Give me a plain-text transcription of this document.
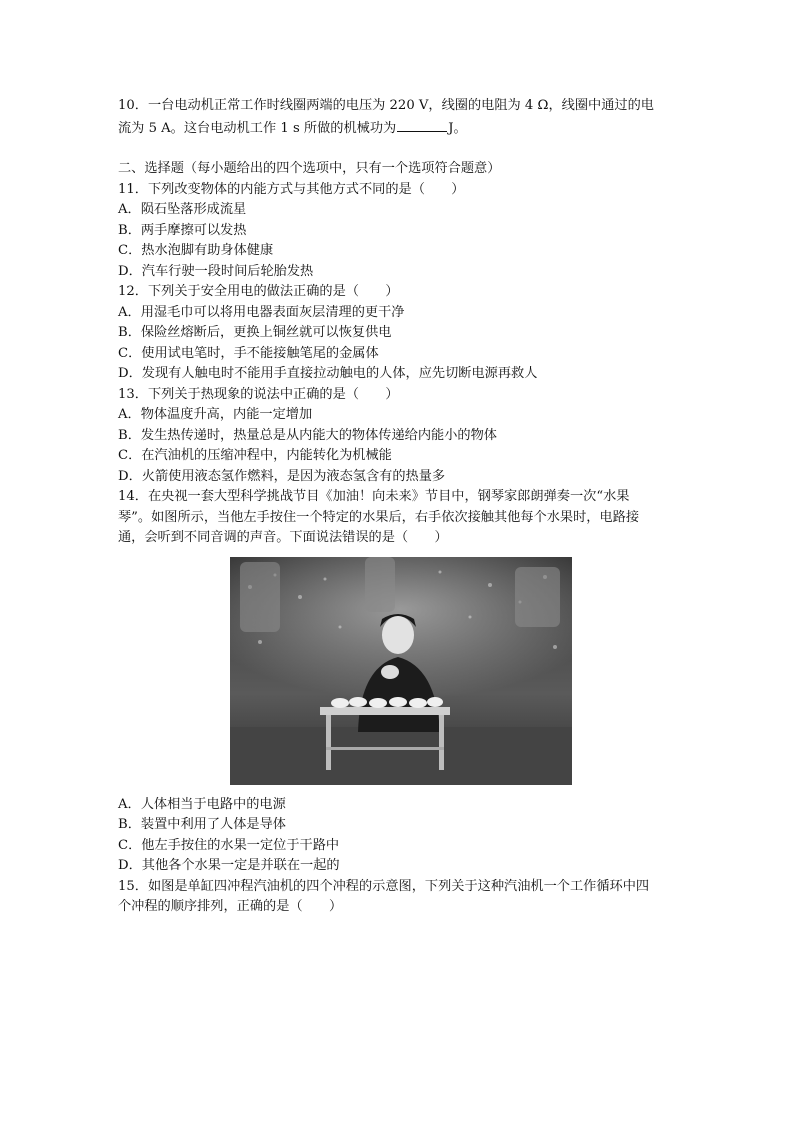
10．一台电动机正常工作时线圈两端的电压为 220 V，线圈的电阻为 4 Ω，线圈中通过的电
流为 5 A。这台电动机工作 1 s 所做的机械功为	J。
二、选择题（每小题给出的四个选项中，只有一个选项符合题意）
11．下列改变物体的内能方式与其他方式不同的是（　　）
A．陨石坠落形成流星
B．两手摩擦可以发热
C．热水泡脚有助身体健康
D．汽车行驶一段时间后轮胎发热
12．下列关于安全用电的做法正确的是（　　）
A．用湿毛巾可以将用电器表面灰层清理的更干净
B．保险丝熔断后，更换上铜丝就可以恢复供电
C．使用试电笔时，手不能接触笔尾的金属体
D．发现有人触电时不能用手直接拉动触电的人体，应先切断电源再救人
13．下列关于热现象的说法中正确的是（　　）
A．物体温度升高，内能一定增加
B．发生热传递时，热量总是从内能大的物体传递给内能小的物体
C．在汽油机的压缩冲程中，内能转化为机械能
D．火箭使用液态氢作燃料，是因为液态氢含有的热量多
14．在央视一套大型科学挑战节目《加油！向未来》节目中，钢琴家郎朗弹奏一次“水果
琴”。如图所示，当他左手按住一个特定的水果后，右手依次接触其他每个水果时，电路接
通，会听到不同音调的声音。下面说法错误的是（　　）
A．人体相当于电路中的电源
B．装置中利用了人体是导体
C．他左手按住的水果一定位于干路中
D．其他各个水果一定是并联在一起的
15．如图是单缸四冲程汽油机的四个冲程的示意图，下列关于这种汽油机一个工作循环中四
个冲程的顺序排列，正确的是（　　）
